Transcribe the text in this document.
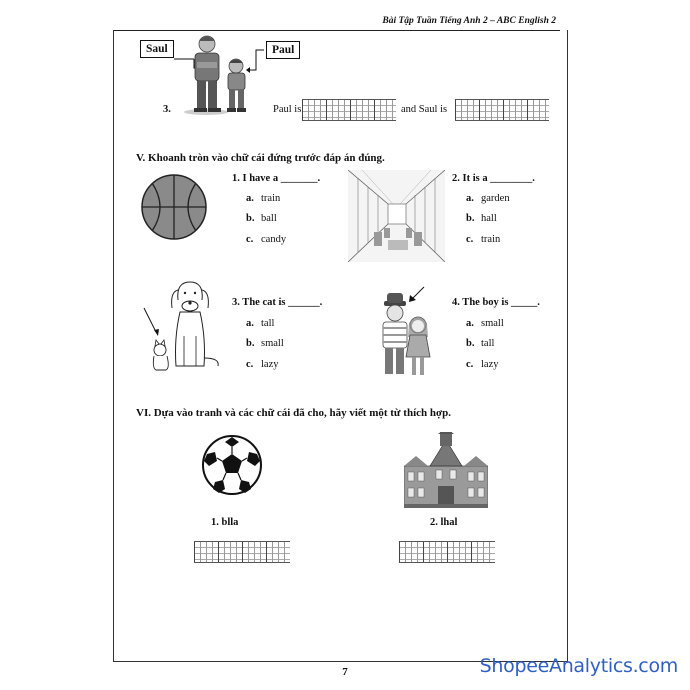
Bài Tập Tuần Tiếng Anh 2 – ABC English 2
Saul	Paul
3.	Paul is	and Saul is
V. Khoanh tròn vào chữ cái đứng trước đáp án đúng.
1. I have a _______.
a. train
b. ball
c. candy
2. It is a ________.
a. garden
b. hall
c. train
3. The cat is ______.
a. tall
b. small
c. lazy
4. The boy is _____.
a. small
b. tall
c. lazy
VI. Dựa vào tranh và các chữ cái đã cho, hãy viết một từ thích hợp.
1. blla	2. lhal
7	ShopeeAnalytics.com
